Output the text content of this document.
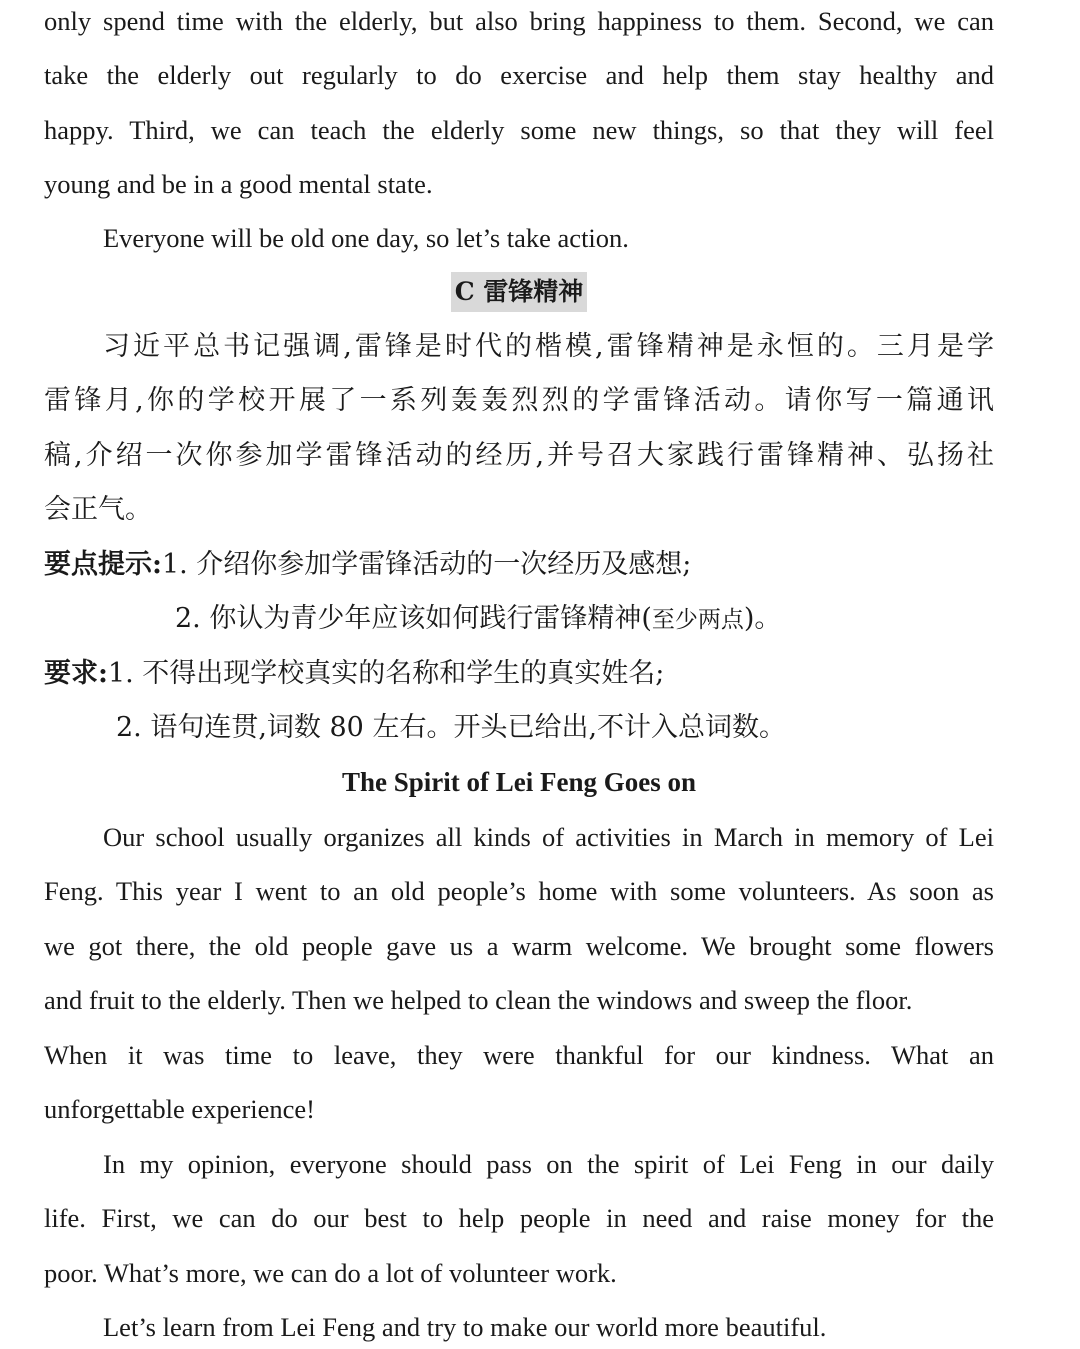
only spend time with the elderly, but also bring happiness to them. Second, we can
take the elderly out regularly to do exercise and help them stay healthy and
happy. Third, we can teach the elderly some new things, so that they will feel
young and be in a good mental state.
Everyone will be old one day, so let’s take action.
C 雷锋精神
习近平总书记强调,雷锋是时代的楷模,雷锋精神是永恒的。三月是学
雷锋月,你的学校开展了一系列轰轰烈烈的学雷锋活动。请你写一篇通讯
稿,介绍一次你参加学雷锋活动的经历,并号召大家践行雷锋精神、弘扬社
会正气。
要点提示:1. 介绍你参加学雷锋活动的一次经历及感想;
2. 你认为青少年应该如何践行雷锋精神(至少两点)。
要求:1. 不得出现学校真实的名称和学生的真实姓名;
2. 语句连贯,词数 80 左右。开头已给出,不计入总词数。
The Spirit of Lei Feng Goes on
Our school usually organizes all kinds of activities in March in memory of Lei
Feng. This year I went to an old people’s home with some volunteers. As soon as
we got there, the old people gave us a warm welcome. We brought some flowers
and fruit to the elderly. Then we helped to clean the windows and sweep the floor.
When it was time to leave, they were thankful for our kindness. What an
unforgettable experience!
In my opinion, everyone should pass on the spirit of Lei Feng in our daily
life. First, we can do our best to help people in need and raise money for the
poor. What’s more, we can do a lot of volunteer work.
Let’s learn from Lei Feng and try to make our world more beautiful.
